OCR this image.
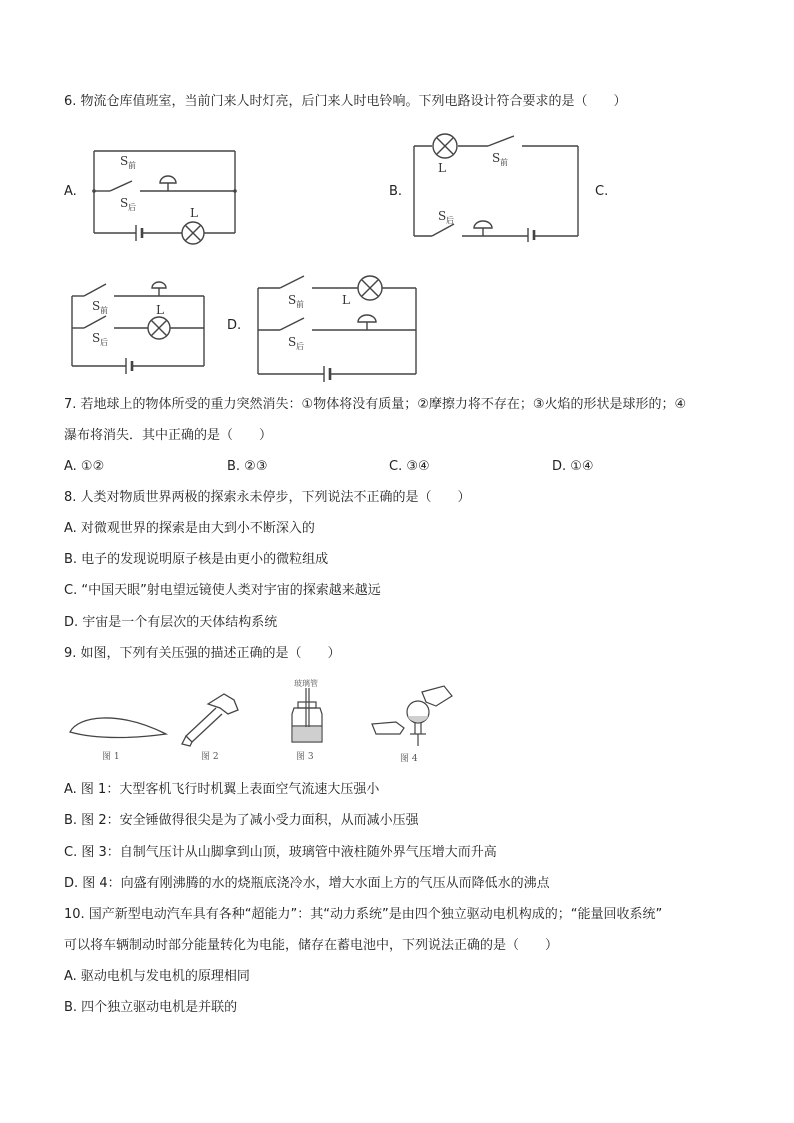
6. 物流仓库值班室，当前门来人时灯亮，后门来人时电铃响。下列电路设计符合要求的是（　　）
A.
S 前
S 后	L
B.
L
S 前
S 后
C.
S 前
S 后
L
D.
S 前	L
S 后
7. 若地球上的物体所受的重力突然消失：①物体将没有质量；②摩擦力将不存在；③火焰的形状是球形的；④
瀑布将消失．其中正确的是（　　）
A. ①②	B. ②③	C. ③④	D. ①④
8. 人类对物质世界两极的探索永未停步，下列说法不正确的是（　　）
A. 对微观世界的探索是由大到小不断深入的
B. 电子的发现说明原子核是由更小的微粒组成
C. “中国天眼”射电望远镜使人类对宇宙的探索越来越远
D. 宇宙是一个有层次的天体结构系统
9. 如图，下列有关压强的描述正确的是（　　）
图 1	图 2
玻璃管
图 3	图 4
A. 图 1：大型客机飞行时机翼上表面空气流速大压强小
B. 图 2：安全锤做得很尖是为了减小受力面积，从而减小压强
C. 图 3：自制气压计从山脚拿到山顶，玻璃管中液柱随外界气压增大而升高
D. 图 4：向盛有刚沸腾的水的烧瓶底浇冷水，增大水面上方的气压从而降低水的沸点
10. 国产新型电动汽车具有各种“超能力”：其“动力系统”是由四个独立驱动电机构成的；“能量回收系统”
可以将车辆制动时部分能量转化为电能，储存在蓄电池中，下列说法正确的是（　　）
A. 驱动电机与发电机的原理相同
B. 四个独立驱动电机是并联的
